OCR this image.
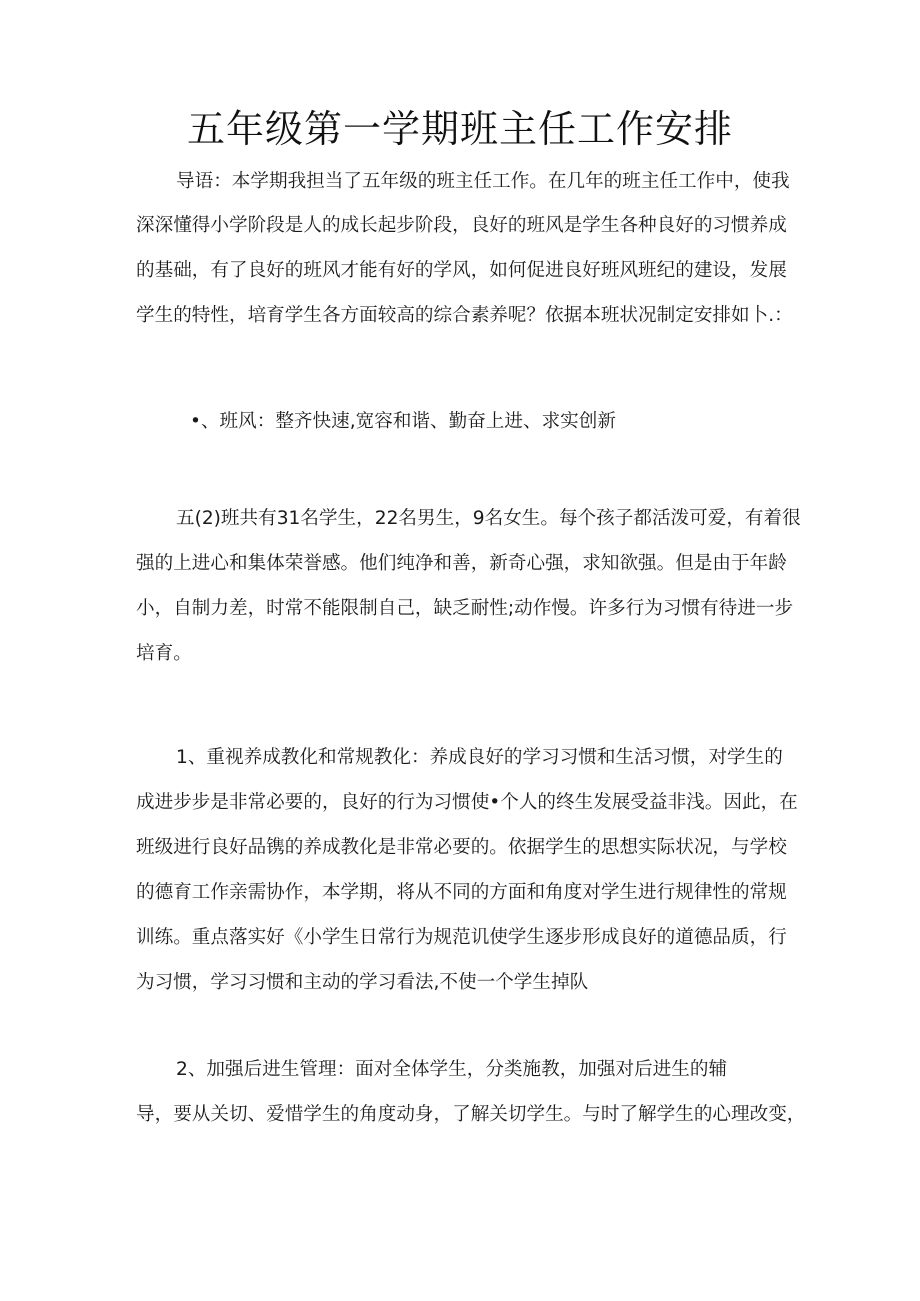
五年级第一学期班主任工作安排
导语：本学期我担当了五年级的班主任工作。在几年的班主任工作中，使我
深深懂得小学阶段是人的成长起步阶段，良好的班风是学生各种良好的习惯养成
的基础，有了良好的班风才能有好的学风，如何促进良好班风班纪的建设，发展
学生的特性，培育学生各方面较高的综合素养呢？依据本班状况制定安排如卜.：
•、班风：整齐快速,宽容和谐、勤奋上进、求实创新
五(2)班共有31名学生，22名男生，9名女生。每个孩子都活泼可爱，有着很
强的上进心和集体荣誉感。他们纯净和善，新奇心强，求知欲强。但是由于年龄
小，自制力差，时常不能限制自己，缺乏耐性;动作慢。许多行为习惯有待进一步
培育。
1、重视养成教化和常规教化：养成良好的学习习惯和生活习惯，对学生的
成进步步是非常必要的，良好的行为习惯使•个人的终生发展受益非浅。因此，在
班级进行良好品镌的养成教化是非常必要的。依据学生的思想实际状况，与学校
的德育工作亲需协作，本学期，将从不同的方面和角度对学生进行规律性的常规
训练。重点落实好《小学生日常行为规范讥使学生逐步形成良好的道德品质，行
为习惯，学习习惯和主动的学习看法,不使一个学生掉队
2、加强后进生管理：面对全体学生，分类施教，加强对后进生的辅
导，要从关切、爱惜学生的角度动身，了解关切学生。与时了解学生的心理改变，
